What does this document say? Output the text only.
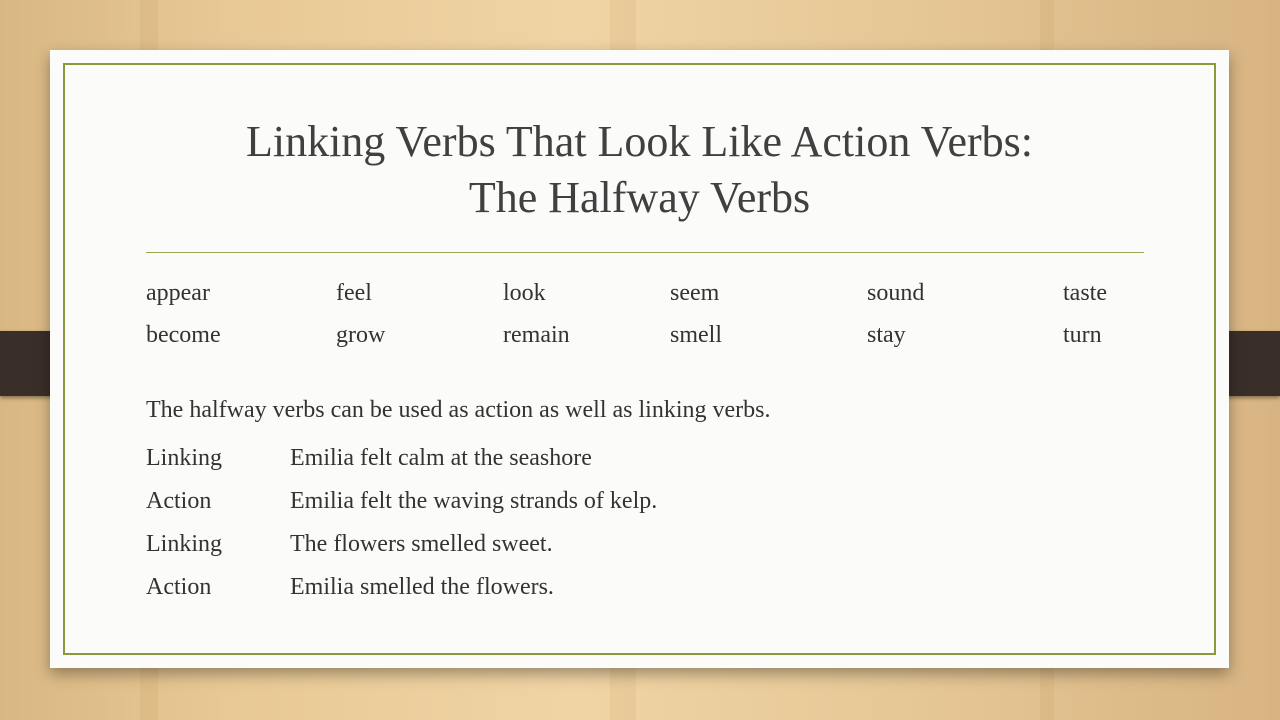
Linking Verbs That Look Like Action Verbs:
The Halfway Verbs
appear	feel	look	seem	sound	taste
become	grow	remain	smell	stay	turn
The halfway verbs can be used as action as well as linking verbs.
Linking	Emilia felt calm at the seashore
Action	Emilia felt the waving strands of kelp.
Linking	The flowers smelled sweet.
Action	Emilia smelled the flowers.
